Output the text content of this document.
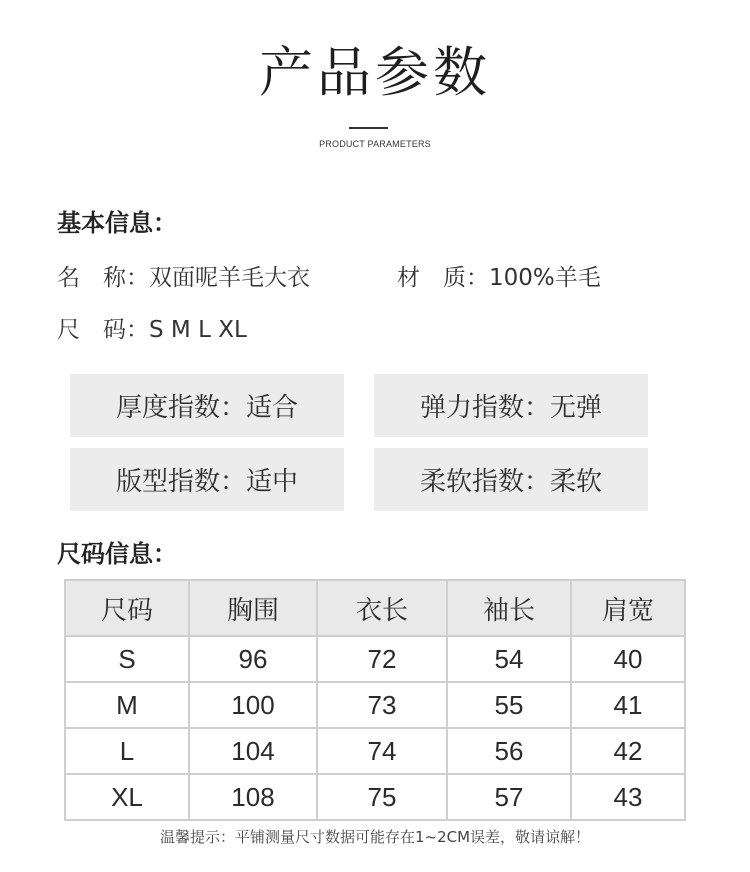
产品参数
PRODUCT PARAMETERS
基本信息：
名　称：双面呢羊毛大衣	材　质：100%羊毛
尺　码：S M L XL
厚度指数： 适合	弹力指数： 无弹
版型指数： 适中	柔软指数： 柔软
尺码信息：
尺码	胸围	衣长	袖长	肩宽
S	96	72	54	40
M	100	73	55	41
L	104	74	56	42
XL	108	75	57	43
温馨提示：平铺测量尺寸数据可能存在1~2CM误差，敬请谅解！
